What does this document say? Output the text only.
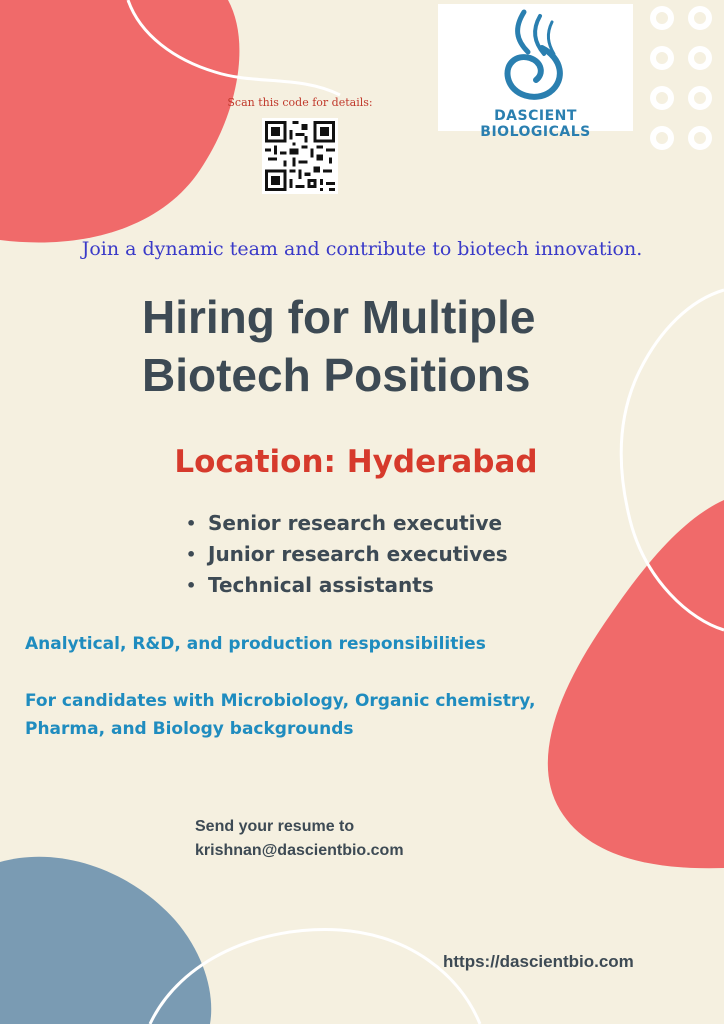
DASCIENT BIOLOGICALS
Scan this code for details:
Join a dynamic team and contribute to biotech innovation.
Hiring for Multiple
Biotech Positions
Location: Hyderabad
• Senior research executive
• Junior research executives
• Technical assistants
Analytical, R&D, and production responsibilities
For candidates with Microbiology, Organic chemistry,
Pharma, and Biology backgrounds
Send your resume to
krishnan@dascientbio.com
https://dascientbio.com
